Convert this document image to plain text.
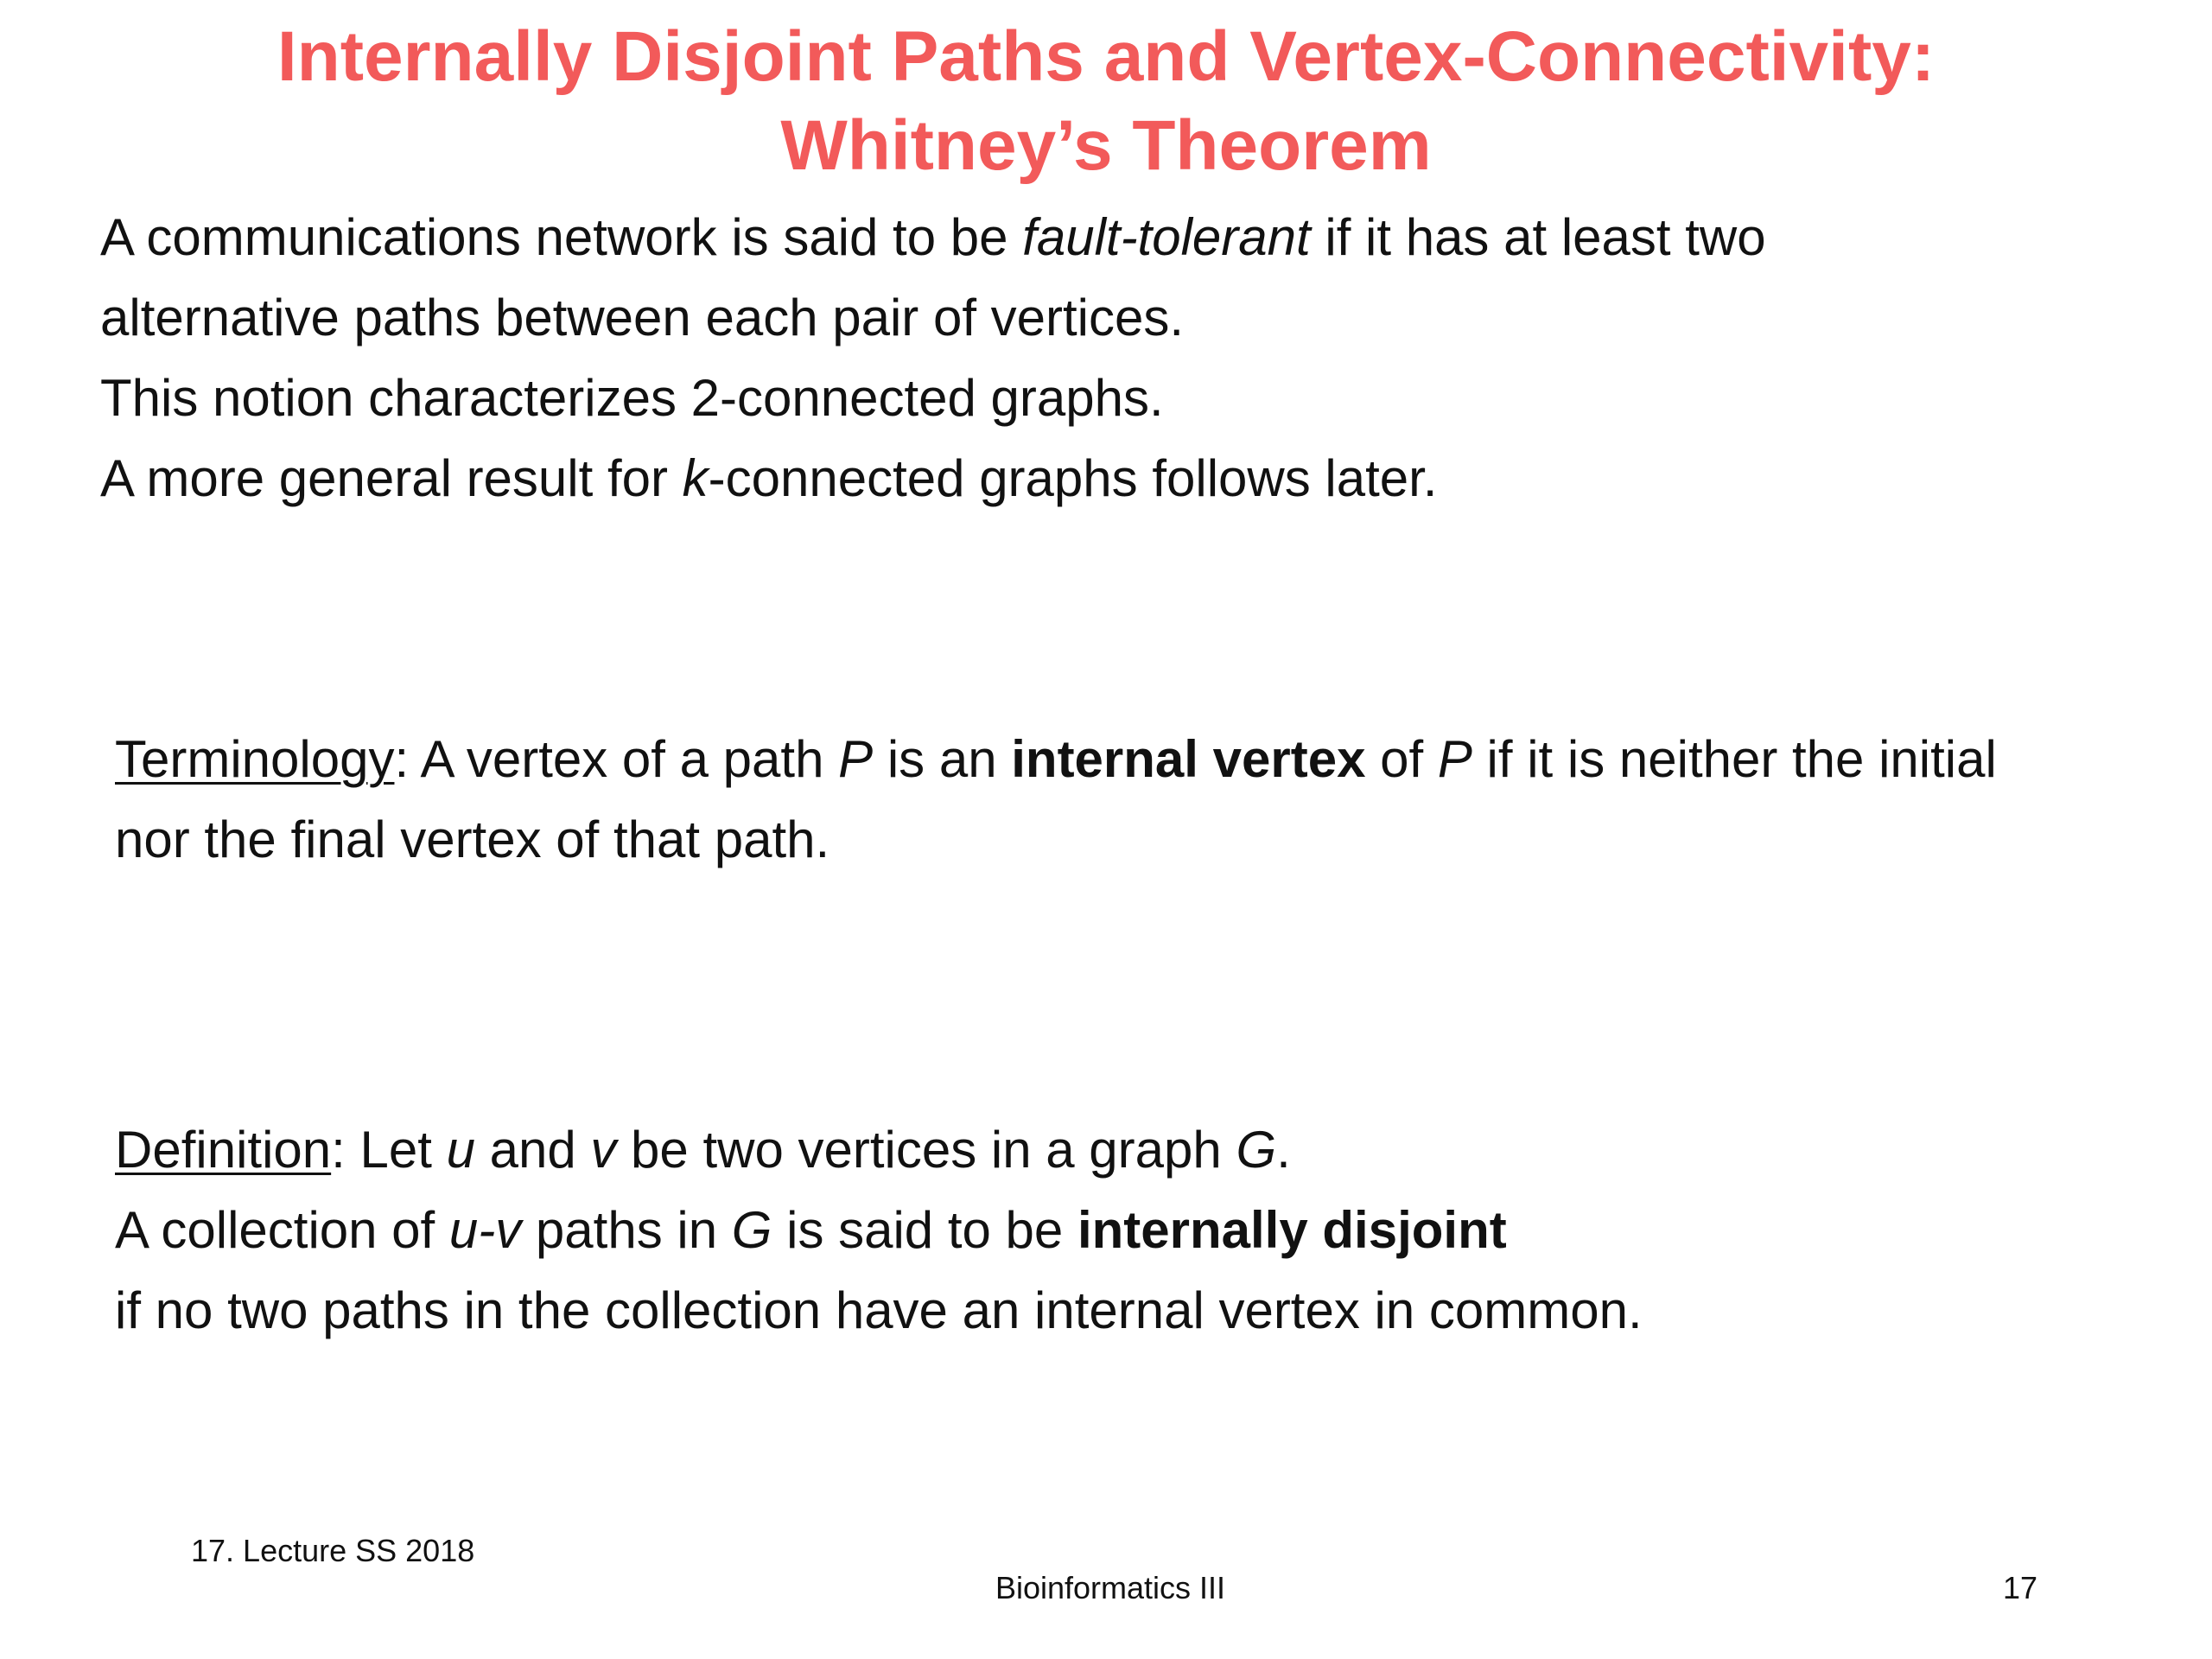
Internally Disjoint Paths and Vertex-Connectivity:
Whitney’s Theorem
A communications network is said to be fault-tolerant if it has at least two
alternative paths between each pair of vertices.
This notion characterizes 2-connected graphs.
A more general result for k-connected graphs follows later.
Terminology: A vertex of a path P is an internal vertex of P if it is neither the initial
nor the final vertex of that path.
Definition: Let u and v be two vertices in a graph G.
A collection of u-v paths in G is said to be internally disjoint
if no two paths in the collection have an internal vertex in common.
17. Lecture SS 2018
Bioinformatics III	17
